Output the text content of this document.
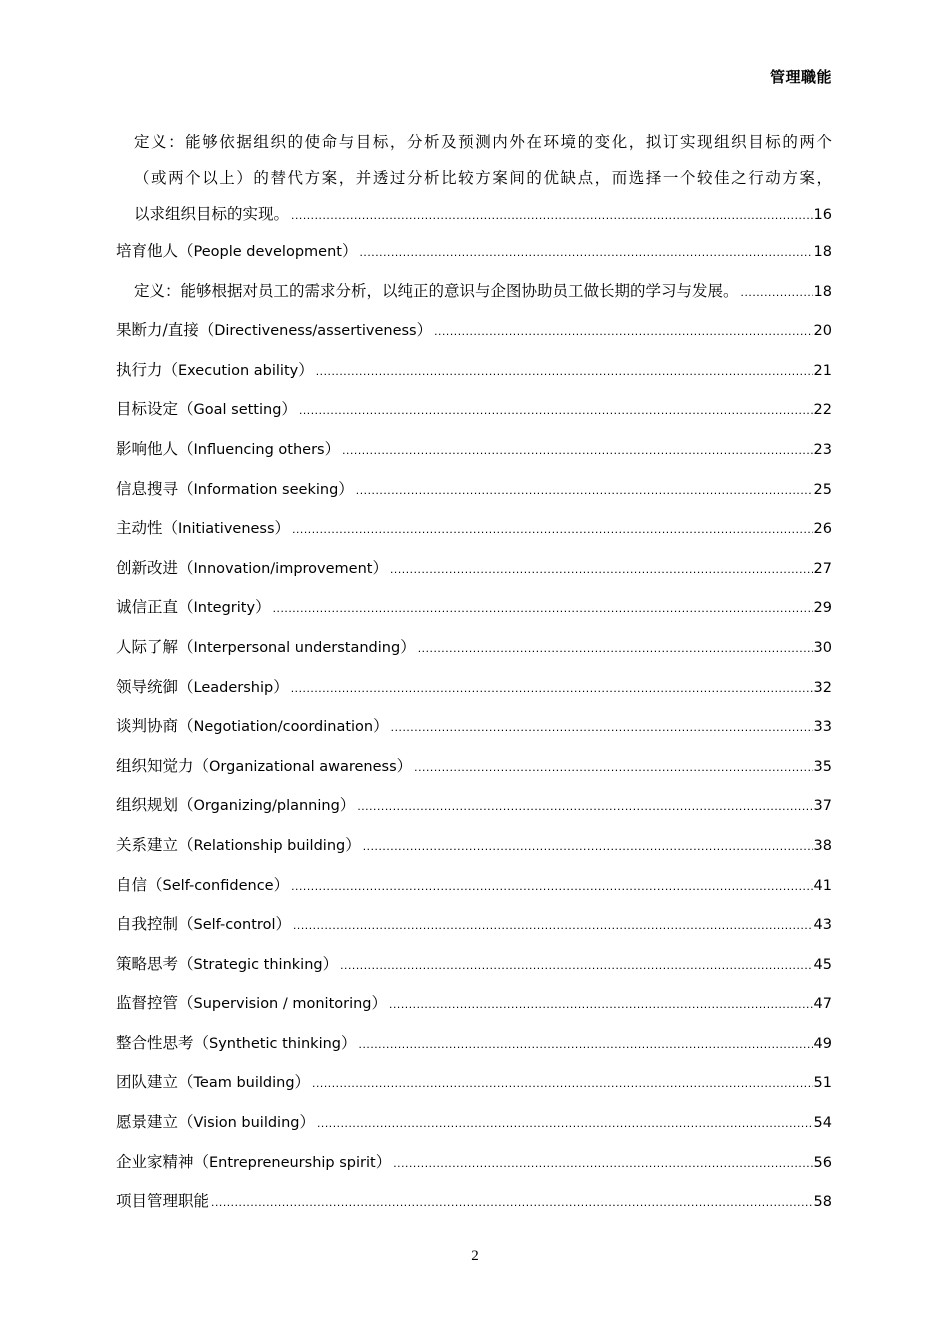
管理職能
定义：能够依据组织的使命与目标，分析及预测内外在环境的变化，拟订实现组织目标的两个
（或两个以上）的替代方案，并透过分析比较方案间的优缺点，而选择一个较佳之行动方案，
以求组织目标的实现。 .....	16
培育他人（People development） .....	18
定义：能够根据对员工的需求分析，以纯正的意识与企图协助员工做长期的学习与发展。 .....	18
果断力/直接（Directiveness/assertiveness） .....	20
执行力（Execution ability） .....	21
目标设定（Goal setting） .....	22
影响他人（Influencing others） .....	23
信息搜寻（Information seeking） .....	25
主动性（Initiativeness） .....	26
创新改进（Innovation/improvement） .....	27
诚信正直（Integrity） .....	29
人际了解（Interpersonal understanding） .....	30
领导统御（Leadership） .....	32
谈判协商（Negotiation/coordination） .....	33
组织知觉力（Organizational awareness） .....	35
组织规划（Organizing/planning） .....	37
关系建立（Relationship building） .....	38
自信（Self-confidence） .....	41
自我控制（Self-control） .....	43
策略思考（Strategic thinking） .....	45
监督控管（Supervision / monitoring） .....	47
整合性思考（Synthetic thinking） .....	49
团队建立（Team building） .....	51
愿景建立（Vision building） .....	54
企业家精神（Entrepreneurship spirit） .....	56
项目管理职能 .....	58
2
